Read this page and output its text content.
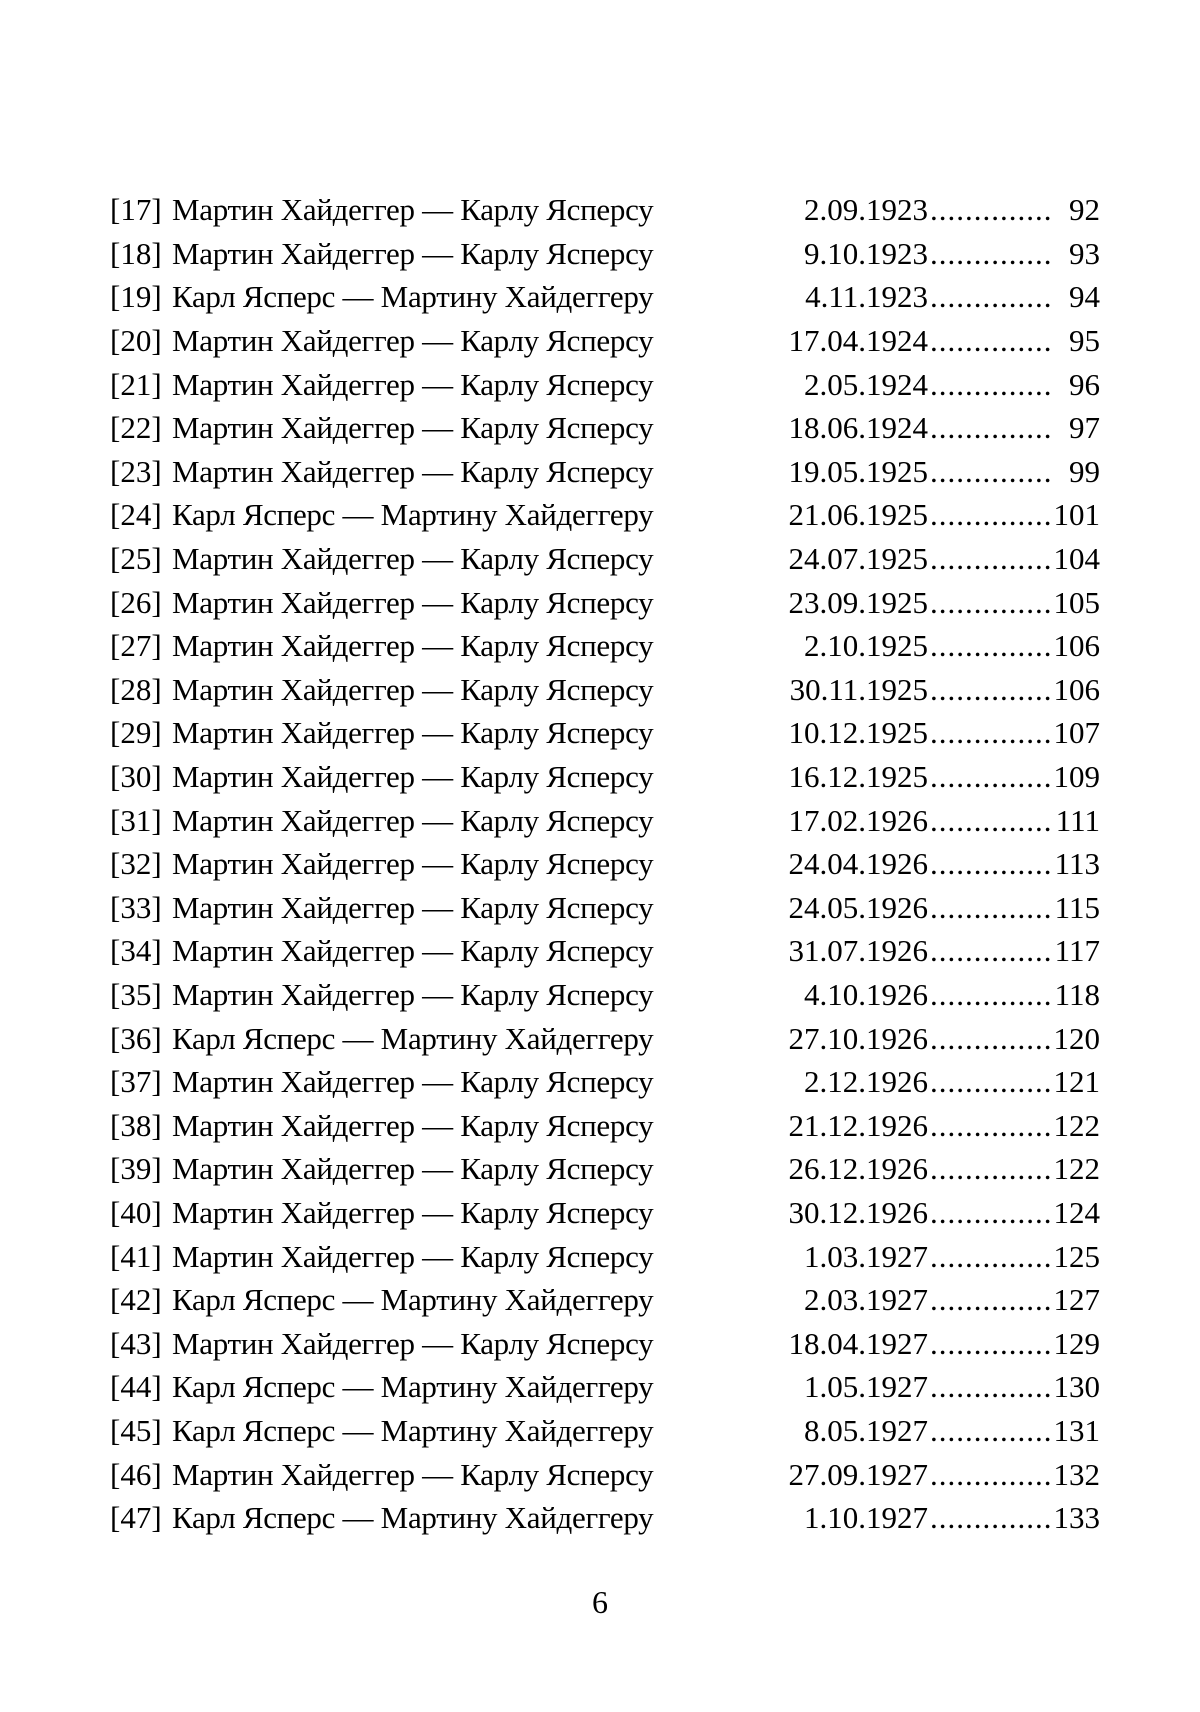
[17] Мартин Хайдеггер — Карлу Ясперсу	2.09.1923 .....	92
[18] Мартин Хайдеггер — Карлу Ясперсу	9.10.1923 .....	93
[19] Карл Ясперс — Мартину Хайдеггеру	4.11.1923 .....	94
[20] Мартин Хайдеггер — Карлу Ясперсу	17.04.1924 .....	95
[21] Мартин Хайдеггер — Карлу Ясперсу	2.05.1924 .....	96
[22] Мартин Хайдеггер — Карлу Ясперсу	18.06.1924 .....	97
[23] Мартин Хайдеггер — Карлу Ясперсу	19.05.1925 .....	99
[24] Карл Ясперс — Мартину Хайдеггеру	21.06.1925 .....	101
[25] Мартин Хайдеггер — Карлу Ясперсу	24.07.1925 .....	104
[26] Мартин Хайдеггер — Карлу Ясперсу	23.09.1925 .....	105
[27] Мартин Хайдеггер — Карлу Ясперсу	2.10.1925 .....	106
[28] Мартин Хайдеггер — Карлу Ясперсу	30.11.1925 .....	106
[29] Мартин Хайдеггер — Карлу Ясперсу	10.12.1925 .....	107
[30] Мартин Хайдеггер — Карлу Ясперсу	16.12.1925 .....	109
[31] Мартин Хайдеггер — Карлу Ясперсу	17.02.1926 .....	111
[32] Мартин Хайдеггер — Карлу Ясперсу	24.04.1926 .....	113
[33] Мартин Хайдеггер — Карлу Ясперсу	24.05.1926 .....	115
[34] Мартин Хайдеггер — Карлу Ясперсу	31.07.1926 .....	117
[35] Мартин Хайдеггер — Карлу Ясперсу	4.10.1926 .....	118
[36] Карл Ясперс — Мартину Хайдеггеру	27.10.1926 .....	120
[37] Мартин Хайдеггер — Карлу Ясперсу	2.12.1926 .....	121
[38] Мартин Хайдеггер — Карлу Ясперсу	21.12.1926 .....	122
[39] Мартин Хайдеггер — Карлу Ясперсу	26.12.1926 .....	122
[40] Мартин Хайдеггер — Карлу Ясперсу	30.12.1926 .....	124
[41] Мартин Хайдеггер — Карлу Ясперсу	1.03.1927 .....	125
[42] Карл Ясперс — Мартину Хайдеггеру	2.03.1927 .....	127
[43] Мартин Хайдеггер — Карлу Ясперсу	18.04.1927 .....	129
[44] Карл Ясперс — Мартину Хайдеггеру	1.05.1927 .....	130
[45] Карл Ясперс — Мартину Хайдеггеру	8.05.1927 .....	131
[46] Мартин Хайдеггер — Карлу Ясперсу	27.09.1927 .....	132
[47] Карл Ясперс — Мартину Хайдеггеру	1.10.1927 .....	133
6
